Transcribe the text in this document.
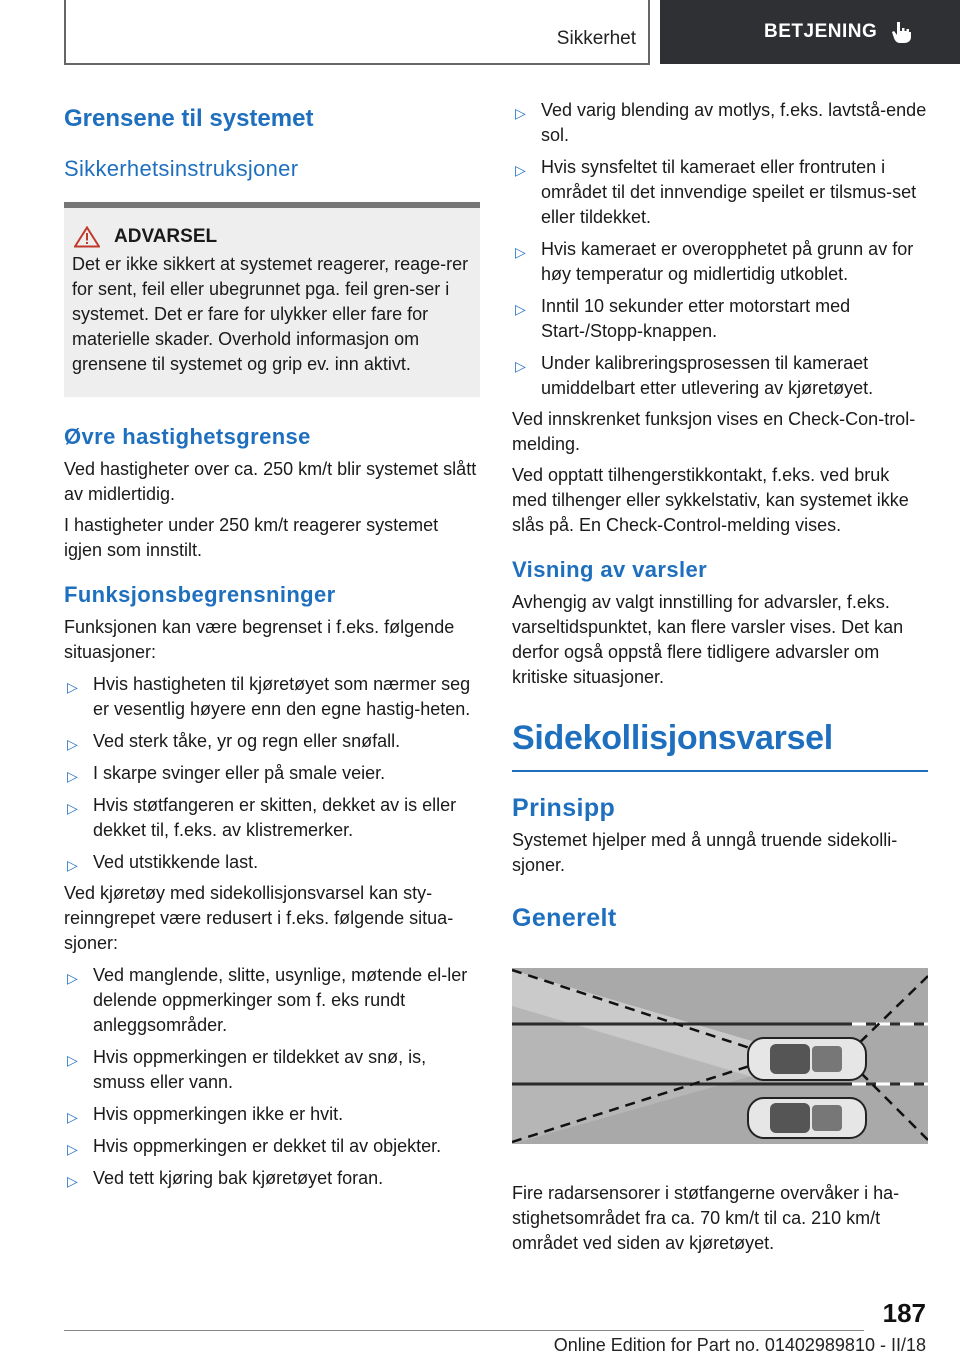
Sikkerhet	BETJENING
Grensene til systemet
Sikkerhetsinstruksjoner
ADVARSEL

Det er ikke sikkert at systemet reagerer, reage-rer for sent, feil eller ubegrunnet pga. feil gren-ser i systemet. Det er fare for ulykker eller fare for materielle skader. Overhold informasjon om grensene til systemet og grip ev. inn aktivt.

Øvre hastighetsgrense

Ved hastigheter over ca. 250 km/t blir systemet slått av midlertidig.

I hastigheter under 250 km/t reagerer systemet igjen som innstilt.

Funksjonsbegrensninger

Funksjonen kan være begrenset i f.eks. følgende situasjoner:

▷ Hvis hastigheten til kjøretøyet som nærmer seg er vesentlig høyere enn den egne hastig-heten.
▷ Ved sterk tåke, yr og regn eller snøfall.
▷ I skarpe svinger eller på smale veier.
▷ Hvis støtfangeren er skitten, dekket av is eller dekket til, f.eks. av klistremerker.
▷ Ved utstikkende last.

Ved kjøretøy med sidekollisjonsvarsel kan sty-reinngrepet være redusert i f.eks. følgende situa-sjoner:

▷ Ved manglende, slitte, usynlige, møtende el-ler delende oppmerkinger som f. eks rundt anleggsområder.
▷ Hvis oppmerkingen er tildekket av snø, is, smuss eller vann.
▷ Hvis oppmerkingen ikke er hvit.
▷ Hvis oppmerkingen er dekket til av objekter.
▷ Ved tett kjøring bak kjøretøyet foran.
▷ Ved varig blending av motlys, f.eks. lavtstå-ende sol.
▷ Hvis synsfeltet til kameraet eller frontruten i området til det innvendige speilet er tilsmus-set eller tildekket.
▷ Hvis kameraet er overopphetet på grunn av for høy temperatur og midlertidig utkoblet.
▷ Inntil 10 sekunder etter motorstart med Start-/Stopp-knappen.
▷ Under kalibreringsprosessen til kameraet umiddelbart etter utlevering av kjøretøyet.

Ved innskrenket funksjon vises en Check-Con-trol-melding.

Ved opptatt tilhengerstikkontakt, f.eks. ved bruk med tilhenger eller sykkelstativ, kan systemet ikke slås på. En Check-Control-melding vises.

Visning av varsler

Avhengig av valgt innstilling for advarsler, f.eks. varseltidspunktet, kan flere varsler vises. Det kan derfor også oppstå flere tidligere advarsler om kritiske situasjoner.

Sidekollisjonsvarsel
Prinsipp

Systemet hjelper med å unngå truende sidekolli-sjoner.

Generelt

Fire radarsensorer i støtfangerne overvåker i ha-stighetsområdet fra ca. 70 km/t til ca. 210 km/t området ved siden av kjøretøyet.

187
Online Edition for Part no. 01402989810 - II/18
